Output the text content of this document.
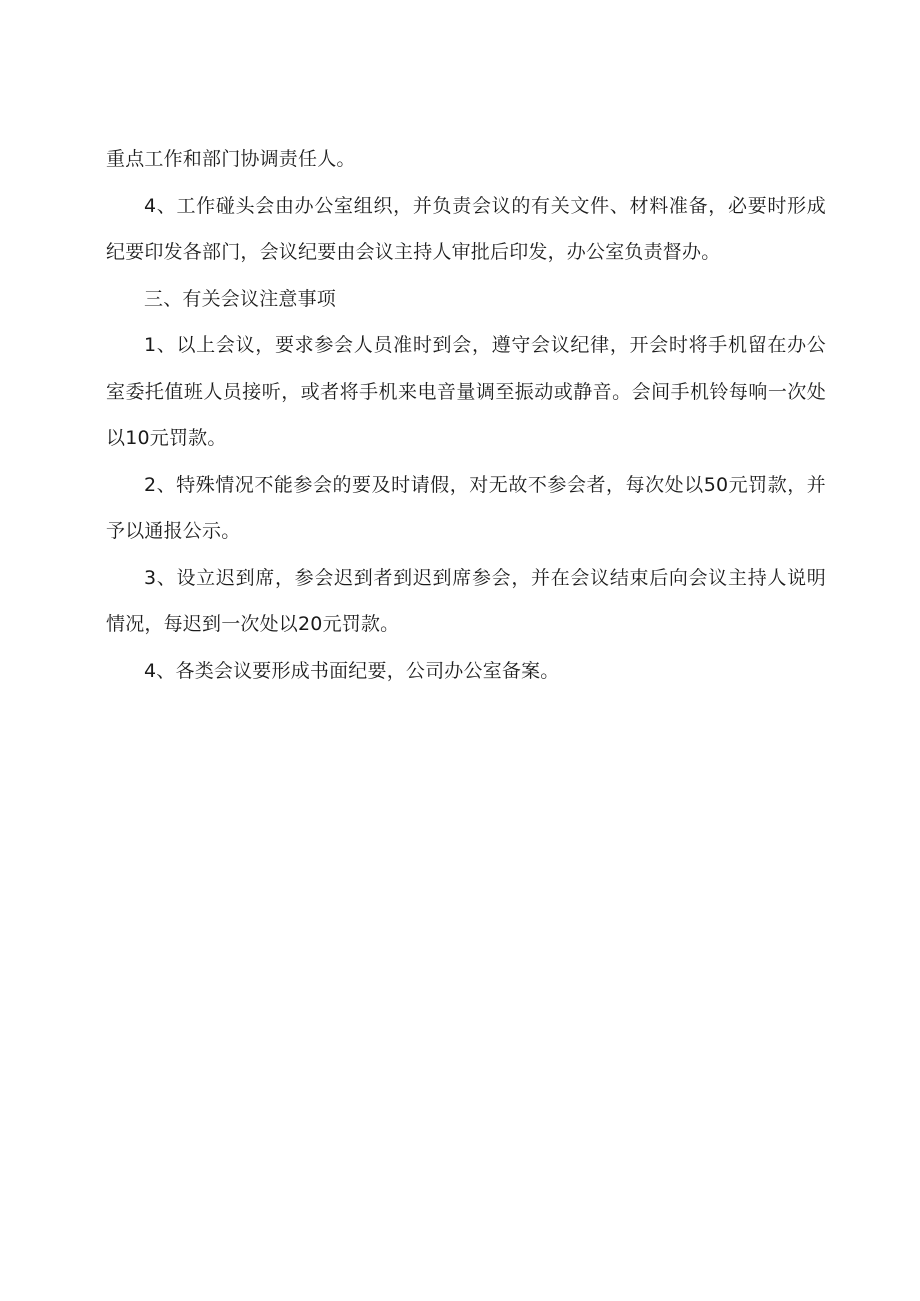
重点工作和部门协调责任人。

4、工作碰头会由办公室组织，并负责会议的有关文件、材料准备，必要时形成纪要印发各部门，会议纪要由会议主持人审批后印发，办公室负责督办。

三、有关会议注意事项

1、以上会议，要求参会人员准时到会，遵守会议纪律，开会时将手机留在办公室委托值班人员接听，或者将手机来电音量调至振动或静音。会间手机铃每响一次处以10元罚款。

2、特殊情况不能参会的要及时请假，对无故不参会者，每次处以50元罚款，并予以通报公示。

3、设立迟到席，参会迟到者到迟到席参会，并在会议结束后向会议主持人说明情况，每迟到一次处以20元罚款。

4、各类会议要形成书面纪要，公司办公室备案。
